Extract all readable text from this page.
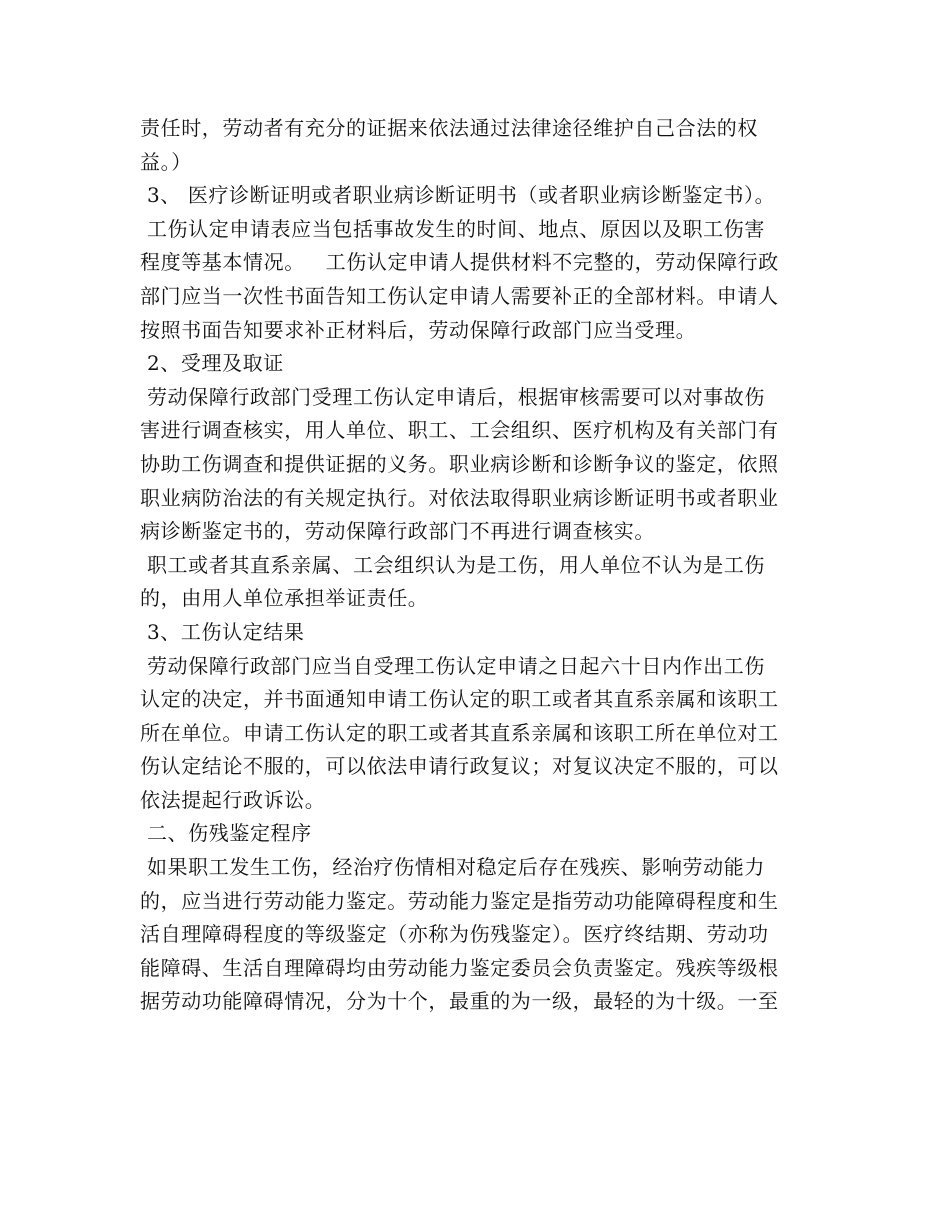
责任时，劳动者有充分的证据来依法通过法律途径维护自己合法的权
益。）
3、 医疗诊断证明或者职业病诊断证明书（或者职业病诊断鉴定书）。
工伤认定申请表应当包括事故发生的时间、地点、原因以及职工伤害
程度等基本情况。   工伤认定申请人提供材料不完整的，劳动保障行政
部门应当一次性书面告知工伤认定申请人需要补正的全部材料。申请人
按照书面告知要求补正材料后，劳动保障行政部门应当受理。
2、受理及取证
劳动保障行政部门受理工伤认定申请后，根据审核需要可以对事故伤
害进行调查核实，用人单位、职工、工会组织、医疗机构及有关部门有
协助工伤调查和提供证据的义务。职业病诊断和诊断争议的鉴定，依照
职业病防治法的有关规定执行。对依法取得职业病诊断证明书或者职业
病诊断鉴定书的，劳动保障行政部门不再进行调查核实。
职工或者其直系亲属、工会组织认为是工伤，用人单位不认为是工伤
的，由用人单位承担举证责任。
3、工伤认定结果
劳动保障行政部门应当自受理工伤认定申请之日起六十日内作出工伤
认定的决定，并书面通知申请工伤认定的职工或者其直系亲属和该职工
所在单位。申请工伤认定的职工或者其直系亲属和该职工所在单位对工
伤认定结论不服的，可以依法申请行政复议；对复议决定不服的，可以
依法提起行政诉讼。
二、伤残鉴定程序
如果职工发生工伤，经治疗伤情相对稳定后存在残疾、影响劳动能力
的，应当进行劳动能力鉴定。劳动能力鉴定是指劳动功能障碍程度和生
活自理障碍程度的等级鉴定（亦称为伤残鉴定）。医疗终结期、劳动功
能障碍、生活自理障碍均由劳动能力鉴定委员会负责鉴定。残疾等级根
据劳动功能障碍情况，分为十个，最重的为一级，最轻的为十级。一至
